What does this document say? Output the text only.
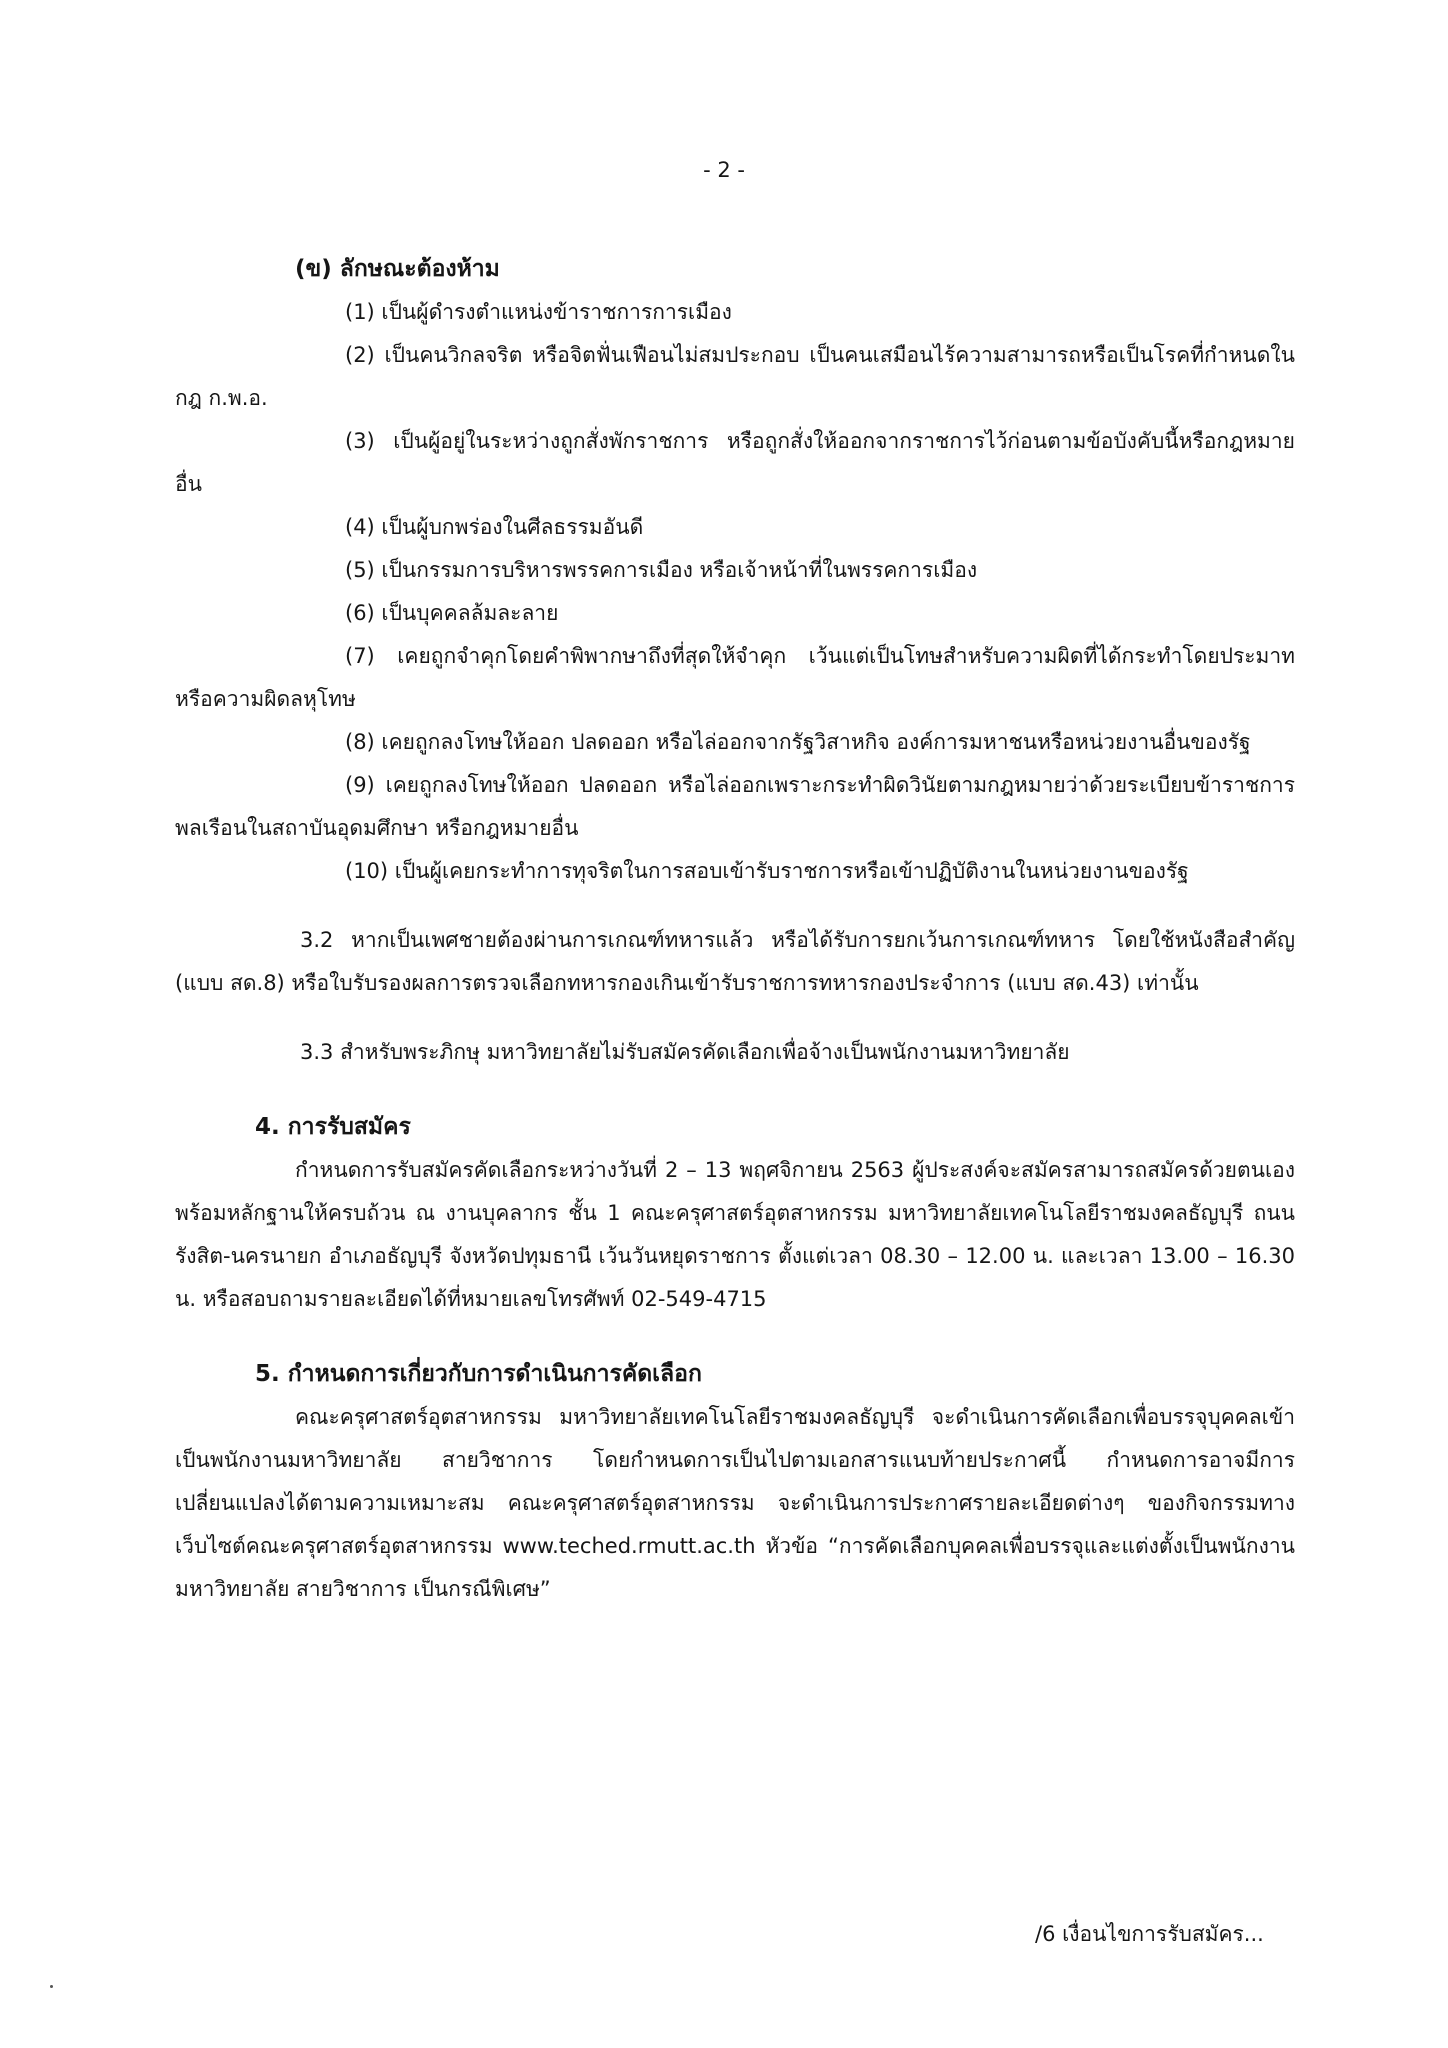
- 2 -
(ข) ลักษณะต้องห้าม

(1) เป็นผู้ดำรงตำแหน่งข้าราชการการเมือง

(2) เป็นคนวิกลจริต หรือจิตฟั่นเฟือนไม่สมประกอบ เป็นคนเสมือนไร้ความสามารถหรือเป็นโรคที่กำหนดในกฎ ก.พ.อ.

(3) เป็นผู้อยู่ในระหว่างถูกสั่งพักราชการ หรือถูกสั่งให้ออกจากราชการไว้ก่อนตามข้อบังคับนี้หรือกฎหมายอื่น

(4) เป็นผู้บกพร่องในศีลธรรมอันดี

(5) เป็นกรรมการบริหารพรรคการเมือง หรือเจ้าหน้าที่ในพรรคการเมือง

(6) เป็นบุคคลล้มละลาย

(7) เคยถูกจำคุกโดยคำพิพากษาถึงที่สุดให้จำคุก เว้นแต่เป็นโทษสำหรับความผิดที่ได้กระทำโดยประมาท หรือความผิดลหุโทษ

(8) เคยถูกลงโทษให้ออก ปลดออก หรือไล่ออกจากรัฐวิสาหกิจ องค์การมหาชนหรือหน่วยงานอื่นของรัฐ

(9) เคยถูกลงโทษให้ออก ปลดออก หรือไล่ออกเพราะกระทำผิดวินัยตามกฎหมายว่าด้วยระเบียบข้าราชการพลเรือนในสถาบันอุดมศึกษา หรือกฎหมายอื่น

(10) เป็นผู้เคยกระทำการทุจริตในการสอบเข้ารับราชการหรือเข้าปฏิบัติงานในหน่วยงานของรัฐ

3.2 หากเป็นเพศชายต้องผ่านการเกณฑ์ทหารแล้ว หรือได้รับการยกเว้นการเกณฑ์ทหาร โดยใช้หนังสือสำคัญ (แบบ สด.8) หรือใบรับรองผลการตรวจเลือกทหารกองเกินเข้ารับราชการทหารกองประจำการ (แบบ สด.43) เท่านั้น

3.3 สำหรับพระภิกษุ มหาวิทยาลัยไม่รับสมัครคัดเลือกเพื่อจ้างเป็นพนักงานมหาวิทยาลัย

4. การรับสมัคร

กำหนดการรับสมัครคัดเลือกระหว่างวันที่ 2 – 13 พฤศจิกายน 2563 ผู้ประสงค์จะสมัครสามารถสมัครด้วยตนเองพร้อมหลักฐานให้ครบถ้วน ณ งานบุคลากร ชั้น 1 คณะครุศาสตร์อุตสาหกรรม มหาวิทยาลัยเทคโนโลยีราชมงคลธัญบุรี ถนนรังสิต-นครนายก อำเภอธัญบุรี จังหวัดปทุมธานี เว้นวันหยุดราชการ ตั้งแต่เวลา 08.30 – 12.00 น. และเวลา 13.00 – 16.30 น. หรือสอบถามรายละเอียดได้ที่หมายเลขโทรศัพท์ 02-549-4715

5. กำหนดการเกี่ยวกับการดำเนินการคัดเลือก

คณะครุศาสตร์อุตสาหกรรม มหาวิทยาลัยเทคโนโลยีราชมงคลธัญบุรี จะดำเนินการคัดเลือกเพื่อบรรจุบุคคลเข้าเป็นพนักงานมหาวิทยาลัย สายวิชาการ โดยกำหนดการเป็นไปตามเอกสารแนบท้ายประกาศนี้ กำหนดการอาจมีการเปลี่ยนแปลงได้ตามความเหมาะสม คณะครุศาสตร์อุตสาหกรรม จะดำเนินการประกาศรายละเอียดต่างๆ ของกิจกรรมทางเว็บไซต์คณะครุศาสตร์อุตสาหกรรม www.teched.rmutt.ac.th หัวข้อ “การคัดเลือกบุคคลเพื่อบรรจุและแต่งตั้งเป็นพนักงานมหาวิทยาลัย สายวิชาการ เป็นกรณีพิเศษ”

/6 เงื่อนไขการรับสมัคร...
